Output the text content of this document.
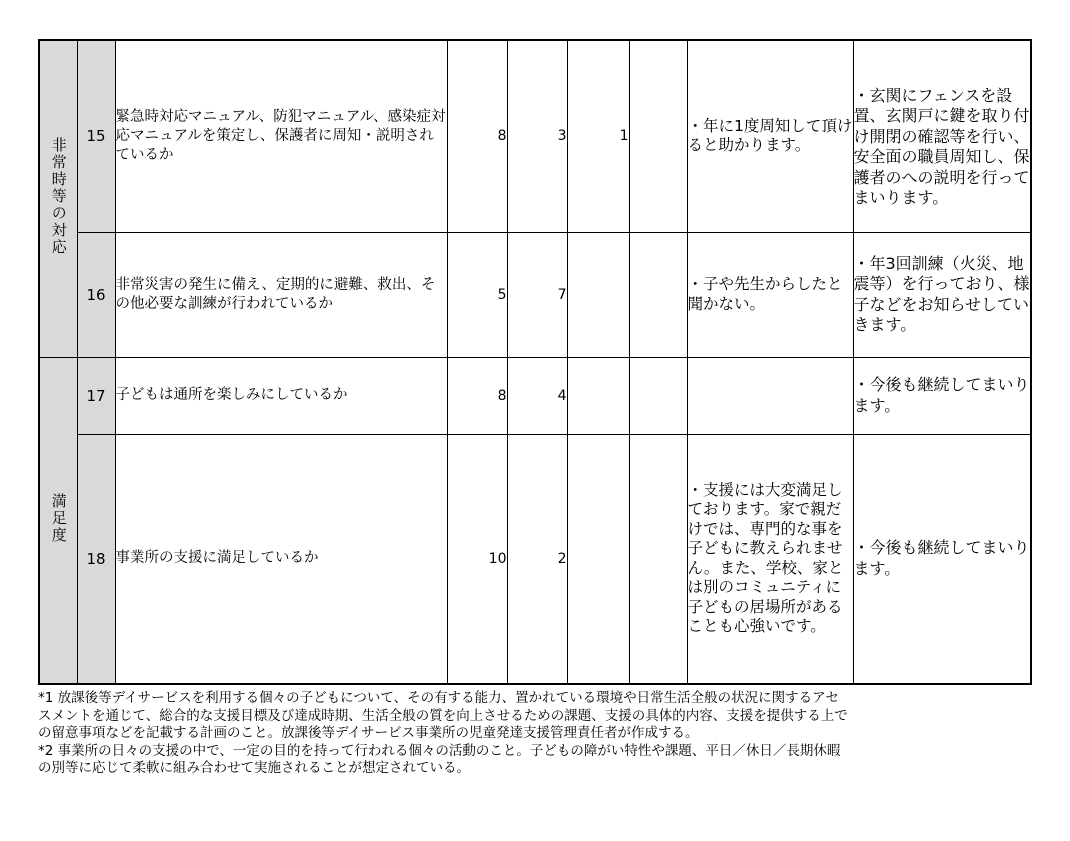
非常時等の対応	15	緊急時対応マニュアル、防犯マニュアル、感染症対応マニュアルを策定し、保護者に周知・説明されているか	8	3	1		・年に1度周知して頂けると助かります。	・玄関にフェンスを設置、玄関戸に鍵を取り付け開閉の確認等を行い、安全面の職員周知し、保護者のへの説明を行ってまいります。
	16	非常災害の発生に備え、定期的に避難、救出、その他必要な訓練が行われているか	5	7			・子や先生からしたと聞かない。	・年3回訓練（火災、地震等）を行っており、様子などをお知らせしていきます。
満足度	17	子どもは通所を楽しみにしているか	8	4				・今後も継続してまいります。
	18	事業所の支援に満足しているか	10	2			・支援には大変満足しております。家で親だけでは、専門的な事を子どもに教えられません。また、学校、家とは別のコミュニティに子どもの居場所があることも心強いです。	・今後も継続してまいります。

*1 放課後等デイサービスを利用する個々の子どもについて、その有する能力、置かれている環境や日常生活全般の状況に関するアセスメントを通じて、総合的な支援目標及び達成時期、生活全般の質を向上させるための課題、支援の具体的内容、支援を提供する上での留意事項などを記載する計画のこと。放課後等デイサービス事業所の児童発達支援管理責任者が作成する。

*2 事業所の日々の支援の中で、一定の目的を持って行われる個々の活動のこと。子どもの障がい特性や課題、平日／休日／長期休暇の別等に応じて柔軟に組み合わせて実施されることが想定されている。
